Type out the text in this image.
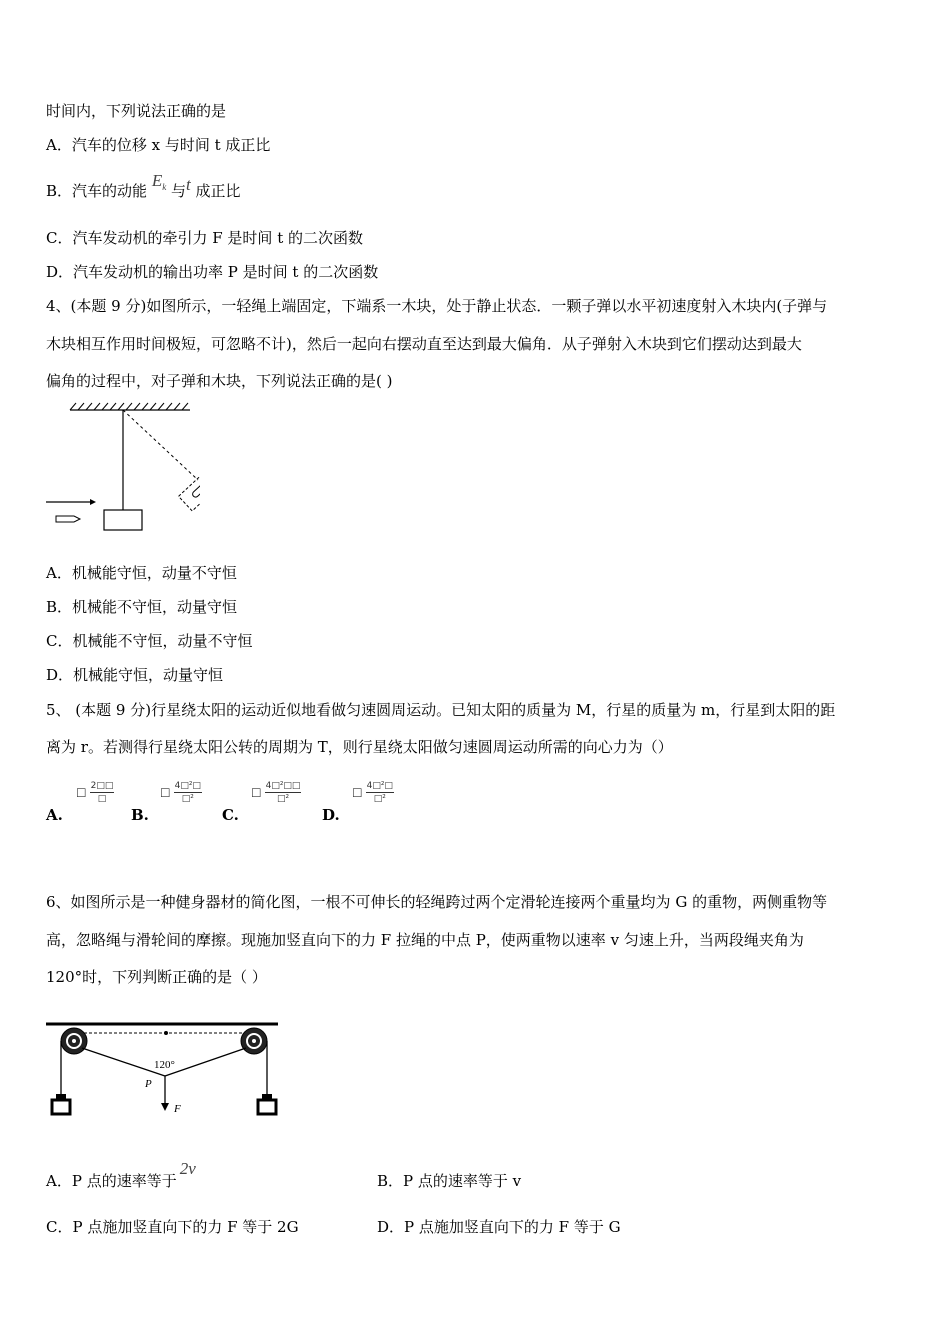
时间内，下列说法正确的是
A．汽车的位移 x 与时间 t 成正比
B．汽车的动能 $E^k$ 与t 成正比
C．汽车发动机的牵引力 F 是时间 t 的二次函数
D．汽车发动机的输出功率 P 是时间 t 的二次函数
4、(本题 9 分)如图所示，一轻绳上端固定，下端系一木块，处于静止状态．一颗子弹以水平初速度射入木块内(子弹与
木块相互作用时间极短，可忽略不计)，然后一起向右摆动直至达到最大偏角．从子弹射入木块到它们摆动达到最大
偏角的过程中，对子弹和木块，下列说法正确的是( )
A．机械能守恒，动量不守恒
B．机械能不守恒，动量守恒
C．机械能不守恒，动量不守恒
D．机械能守恒，动量守恒
5、 (本题 9 分)行星绕太阳的运动近似地看做匀速圆周运动。已知太阳的质量为 M，行星的质量为 m，行星到太阳的距
离为 r。若测得行星绕太阳公转的周期为 T，则行星绕太阳做匀速圆周运动所需的向心力为（）
A.
□ $\frac{2□□}{□}$
B.
□ $\frac{\text{4□²□}}{\text{□²}}$
C.
□ $\frac{\text{4□²□□}}{\text{□²}}$
D.
□ $\frac{\text{4□²□}}{\text{□²}}$
6、如图所示是一种健身器材的简化图，一根不可伸长的轻绳跨过两个定滑轮连接两个重量均为 G 的重物，两侧重物等
高，忽略绳与滑轮间的摩擦。现施加竖直向下的力 F 拉绳的中点 P，使两重物以速率 v 匀速上升，当两段绳夹角为
120°时，下列判断正确的是（ ）
120°
P
F
A．P 点的速率等于2v
B．P 点的速率等于 v
C．P 点施加竖直向下的力 F 等于 2G	D．P 点施加竖直向下的力 F 等于 G
